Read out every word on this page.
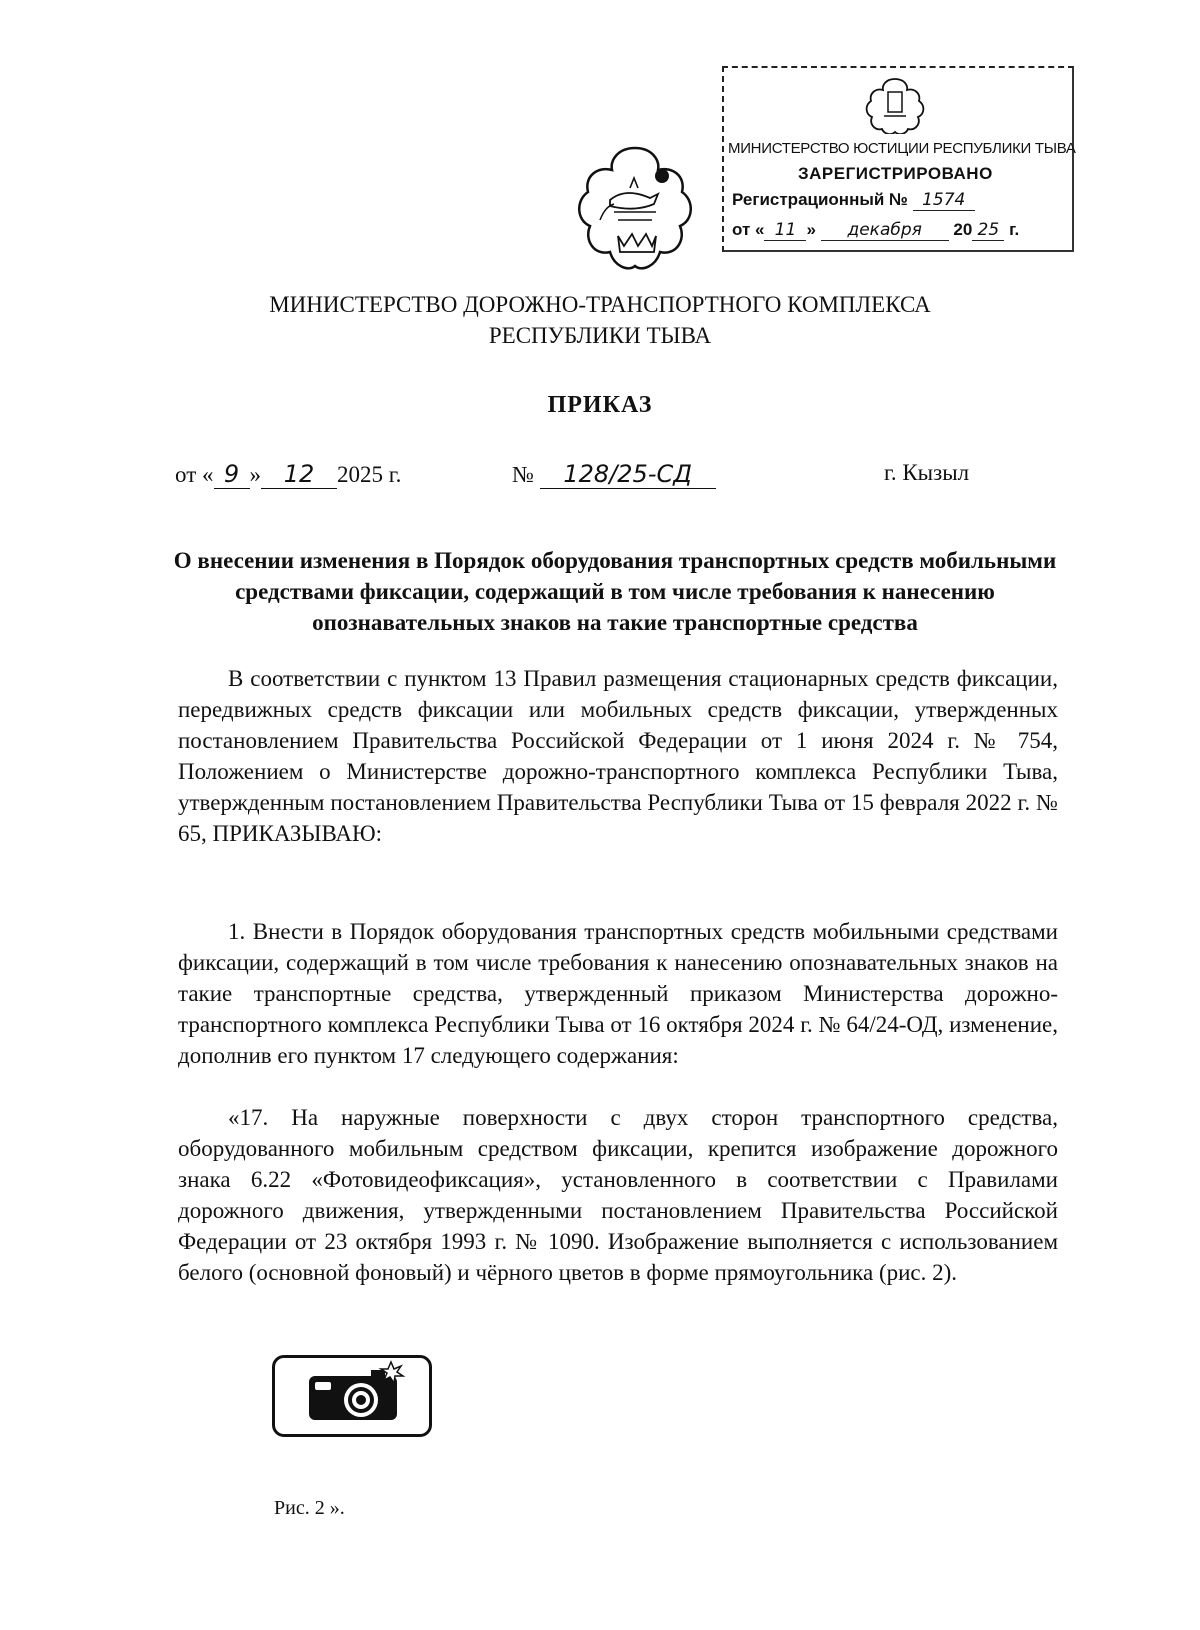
МИНИСТЕРСТВО ЮСТИЦИИ РЕСПУБЛИКИ ТЫВА
ЗАРЕГИСТРИРОВАНО
Регистрационный № 1574
от « 11 » декабря 20 25 г.
МИНИСТЕРСТВО ДОРОЖНО-ТРАНСПОРТНОГО КОМПЛЕКСА
РЕСПУБЛИКИ ТЫВА
ПРИКАЗ
от « 9 » 12 2025 г.	№ 128/25-СД	г. Кызыл
О внесении изменения в Порядок оборудования транспортных средств мобильными средствами фиксации, содержащий в том числе требования к нанесению опознавательных знаков на такие транспортные средства

В соответствии с пунктом 13 Правил размещения стационарных средств фиксации, передвижных средств фиксации или мобильных средств фиксации, утвержденных постановлением Правительства Российской Федерации от 1 июня 2024 г. № 754, Положением о Министерстве дорожно-транспортного комплекса Республики Тыва, утвержденным постановлением Правительства Республики Тыва от 15 февраля 2022 г. № 65, ПРИКАЗЫВАЮ:

1. Внести в Порядок оборудования транспортных средств мобильными средствами фиксации, содержащий в том числе требования к нанесению опознавательных знаков на такие транспортные средства, утвержденный приказом Министерства дорожно-транспортного комплекса Республики Тыва от 16 октября 2024 г. № 64/24-ОД, изменение, дополнив его пунктом 17 следующего содержания:

«17. На наружные поверхности с двух сторон транспортного средства, оборудованного мобильным средством фиксации, крепится изображение дорожного знака 6.22 «Фотовидеофиксация», установленного в соответствии с Правилами дорожного движения, утвержденными постановлением Правительства Российской Федерации от 23 октября 1993 г. № 1090. Изображение выполняется с использованием белого (основной фоновый) и чёрного цветов в форме прямоугольника (рис. 2).

Рис. 2 ».
